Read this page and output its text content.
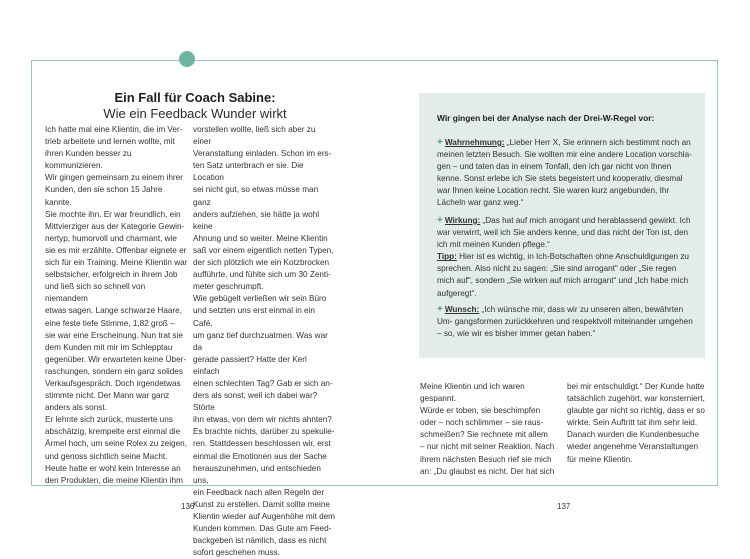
Ein Fall für Coach Sabine:
Wie ein Feedback Wunder wirkt
Ich hatte mal eine Klientin, die im Ver-
trieb arbeitete und lernen wollte, mit
ihren Kunden besser zu kommunizieren.
Wir gingen gemeinsam zu einem ihrer
Kunden, den sie schon 15 Jahre kannte.
Sie mochte ihn. Er war freundlich, ein
Mittvierziger aus der Kategorie Gewin-
nertyp, humorvoll und charmant, wie
sie es mir erzählte. Offenbar eignete er
sich für ein Training. Meine Klientin war
selbstsicher, erfolgreich in ihrem Job
und ließ sich so schnell von niemandem
etwas sagen. Lange schwarze Haare,
eine feste tiefe Stimme, 1,82 groß –
sie war eine Erscheinung. Nun trat sie
dem Kunden mit mir im Schlepptau
gegenüber. Wir erwarteten keine Über-
raschungen, sondern ein ganz solides
Verkaufsgespräch. Doch irgendetwas
stimmte nicht. Der Mann war ganz
anders als sonst.
Er lehnte sich zurück, musterte uns
abschätzig, krempelte erst einmal die
Ärmel hoch, um seine Rolex zu zeigen,
und genoss sichtlich seine Macht.
Heute hatte er wohl kein Interesse an
den Produkten, die meine Klientin ihm
vorstellen wollte, ließ sich aber zu einer
Veranstaltung einladen. Schon im ers-
ten Satz unterbrach er sie. Die Location
sei nicht gut, so etwas müsse man ganz
anders aufziehen, sie hätte ja wohl keine
Ahnung und so weiter. Meine Klientin
saß vor einem eigentlich netten Typen,
der sich plötzlich wie ein Kotzbrocken
aufführte, und fühlte sich um 30 Zenti-
meter geschrumpft.
Wie gebügelt verließen wir sein Büro
und setzten uns erst einmal in ein Café,
um ganz tief durchzuatmen. Was war da
gerade passiert? Hatte der Kerl einfach
einen schlechten Tag? Gab er sich an-
ders als sonst, weil ich dabei war? Störte
ihn etwas, von dem wir nichts ahnten?
Es brachte nichts, darüber zu spekulie-
ren. Stattdessen beschlossen wir, erst
einmal die Emotionen aus der Sache
herauszunehmen, und entschieden uns,
ein Feedback nach allen Regeln der
Kunst zu erstellen. Damit sollte meine
Klientin wieder auf Augenhöhe mit dem
Kunden kommen. Das Gute am Feed-
backgeben ist nämlich, dass es nicht
sofort geschehen muss.
Wir gingen bei der Analyse nach der Drei-W-Regel vor:
+ Wahrnehmung: „Lieber Herr X, Sie erinnern sich bestimmt noch an meinen letzten Besuch. Sie wollten mir eine andere Location vorschla- gen – und taten das in einem Tonfall, den ich gar nicht von Ihnen kenne. Sonst erlebe ich Sie stets begeistert und kooperativ, diesmal war Ihnen keine Location recht. Sie waren kurz angebunden, Ihr Lächeln war ganz weg.“
+ Wirkung: „Das hat auf mich arrogant und herablassend gewirkt. Ich war verwirrt, weil ich Sie anders kenne, und das nicht der Ton ist, den ich mit meinen Kunden pflege.“
Tipp: Hier ist es wichtig, in Ich-Botschaften ohne Anschuldigungen zu sprechen. Also nicht zu sagen: „Sie sind arrogant“ oder „Sie regen mich auf“, sondern „Sie wirken auf mich arrogant“ und „Ich habe mich aufgeregt“.
+ Wunsch: „Ich wünsche mir, dass wir zu unseren alten, bewährten Um- gangsformen zurückkehren und respektvoll miteinander umgehen – so, wie wir es bisher immer getan haben.“
Meine Klientin und ich waren gespannt.
Würde er toben, sie beschimpfen
oder – noch schlimmer – sie raus-
schmeißen? Sie rechnete mit allem
– nur nicht mit seiner Reaktion. Nach
ihrem nächsten Besuch rief sie mich
an: „Du glaubst es nicht. Der hat sich
bei mir entschuldigt.“ Der Kunde hatte
tatsächlich zugehört, war konsterniert,
glaubte gar nicht so richtig, dass er so
wirkte. Sein Auftritt tat ihm sehr leid.
Danach wurden die Kundenbesuche
wieder angenehme Veranstaltungen
für meine Klientin.
136	137
